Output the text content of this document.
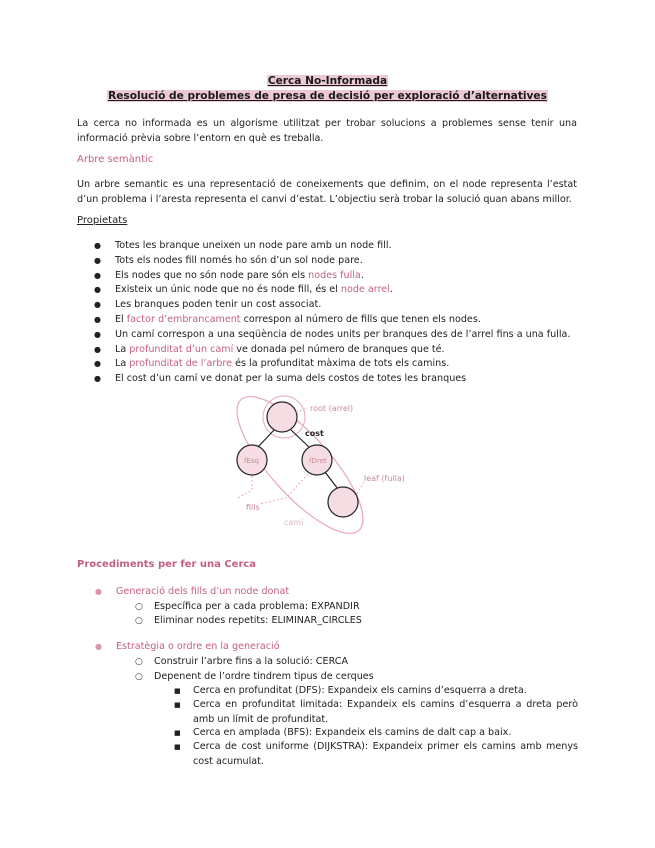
Cerca No-Informada
Resolució de problemes de presa de decisió per exploració d’alternatives
La cerca no informada es un algorisme utilitzat per trobar solucions a problemes sense tenir una informació prèvia sobre l’entorn en què es treballa.
Arbre semàntic
Un arbre semantic es una representació de coneixements que definim, on el node representa l’estat d’un problema i l’aresta representa el canvi d’estat. L’objectiu serà trobar la solució quan abans millor.
Propietats
● Totes les branque uneixen un node pare amb un node fill.
● Tots els nodes fill només ho són d’un sol node pare.
● Els nodes que no són node pare són els nodes fulla.
● Existeix un únic node que no és node fill, és el node arrel.
● Les branques poden tenir un cost associat.
● El factor d’embrancament correspon al número de fills que tenen els nodes.
● Un camí correspon a una seqüència de nodes units per branques des de l’arrel fins a una fulla.
● La profunditat d’un camí ve donada pel número de branques que té.
● La profunditat de l’arbre és la profunditat màxima de tots els camins.
● El cost d’un camí ve donat per la suma dels costos de totes les branques
root (arrel)
cost
fEsq	fDret
leaf (fulla)
fills
camí
Procediments per fer una Cerca
● Generació dels fills d’un node donat
○ Específica per a cada problema: EXPANDIR
○ Eliminar nodes repetits: ELIMINAR_CIRCLES
● Estratègia o ordre en la generació
○ Construir l’arbre fins a la solució: CERCA
○ Depenent de l’ordre tindrem tipus de cerques
■ Cerca en profunditat (DFS): Expandeix els camins d’esquerra a dreta.
■ Cerca en profunditat limitada: Expandeix els camins d’esquerra a dreta però amb un límit de profunditat.
■ Cerca en amplada (BFS): Expandeix els camins de dalt cap a baix.
■ Cerca de cost uniforme (DIJKSTRA): Expandeix primer els camins amb menys cost acumulat.
